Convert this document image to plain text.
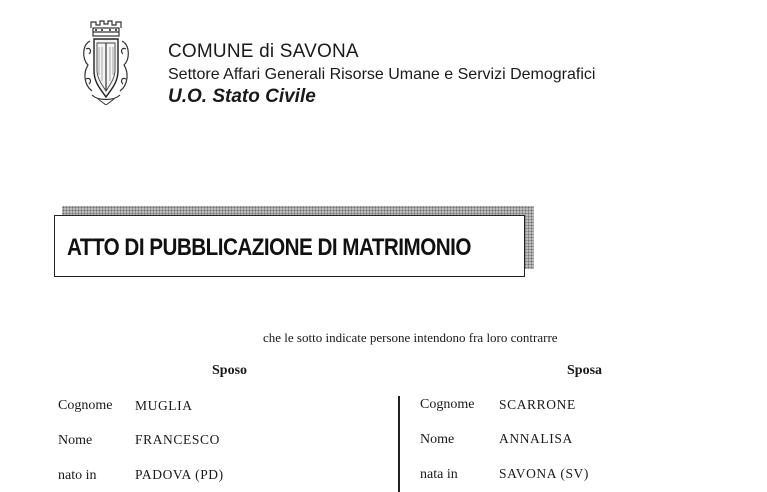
COMUNE di SAVONA
Settore Affari Generali Risorse Umane e Servizi Demografici
U.O. Stato Civile
ATTO DI PUBBLICAZIONE DI MATRIMONIO
che le sotto indicate persone intendono fra loro contrarre
Sposo
Cognome MUGLIA
Nome	FRANCESCO
nato in	PADOVA (PD)
Sposa
Cognome SCARRONE
Nome	ANNALISA
nata in	SAVONA (SV)
